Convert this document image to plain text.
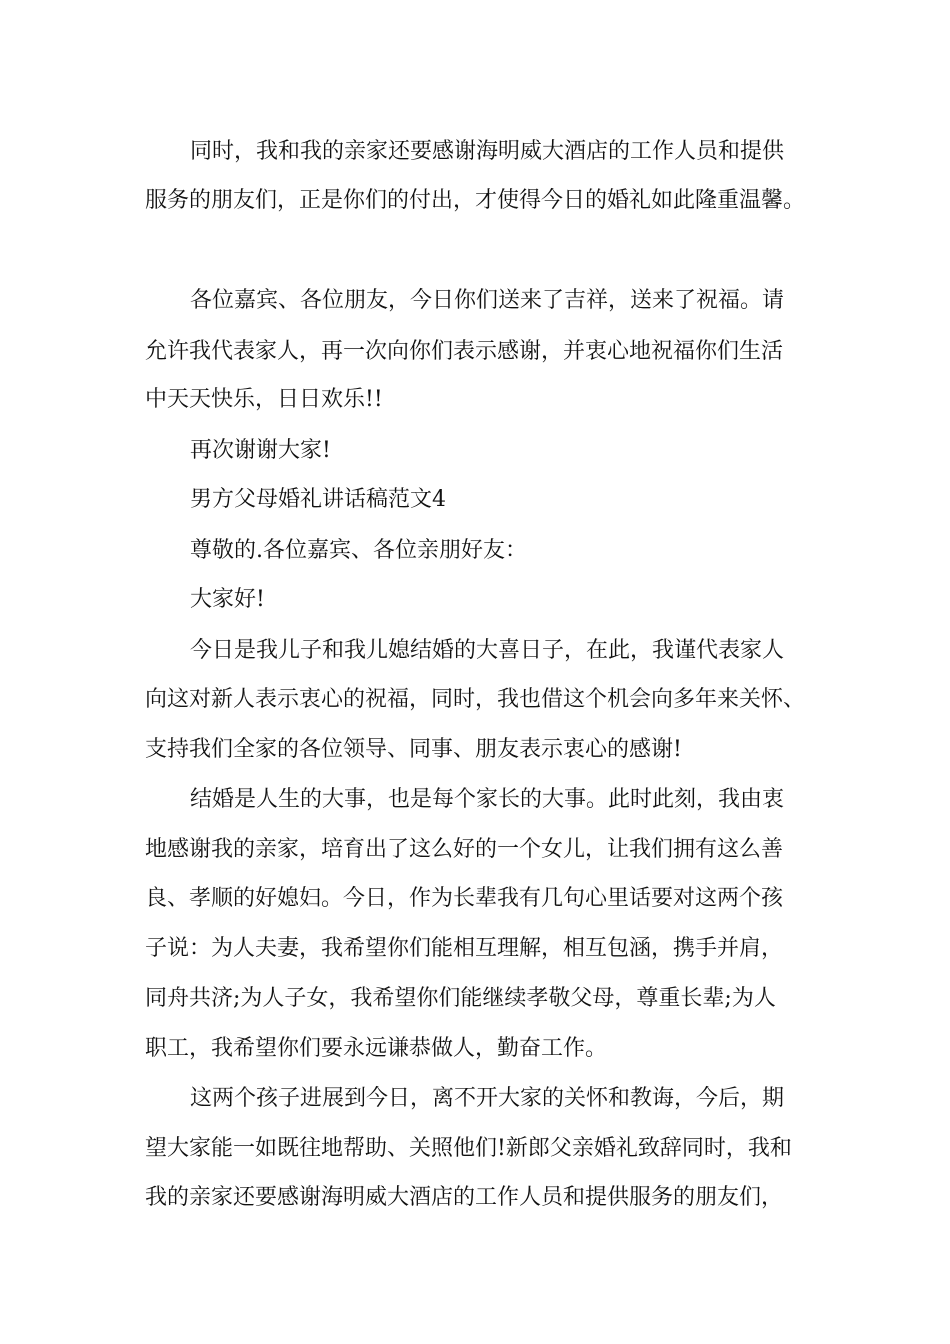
同时，我和我的亲家还要感谢海明威大酒店的工作人员和提供

服务的朋友们，正是你们的付出，才使得今日的婚礼如此隆重温馨。

各位嘉宾、各位朋友，今日你们送来了吉祥，送来了祝福。请

允许我代表家人，再一次向你们表示感谢，并衷心地祝福你们生活

中天天快乐，日日欢乐!!

再次谢谢大家!

男方父母婚礼讲话稿范文4

尊敬的.各位嘉宾、各位亲朋好友：

大家好!

今日是我儿子和我儿媳结婚的大喜日子，在此，我谨代表家人

向这对新人表示衷心的祝福，同时，我也借这个机会向多年来关怀、

支持我们全家的各位领导、同事、朋友表示衷心的感谢!

结婚是人生的大事，也是每个家长的大事。此时此刻，我由衷

地感谢我的亲家，培育出了这么好的一个女儿，让我们拥有这么善

良、孝顺的好媳妇。今日，作为长辈我有几句心里话要对这两个孩

子说：为人夫妻，我希望你们能相互理解，相互包涵，携手并肩，

同舟共济;为人子女，我希望你们能继续孝敬父母，尊重长辈;为人

职工，我希望你们要永远谦恭做人，勤奋工作。

这两个孩子进展到今日，离不开大家的关怀和教诲，今后，期

望大家能一如既往地帮助、关照他们!新郎父亲婚礼致辞同时，我和

我的亲家还要感谢海明威大酒店的工作人员和提供服务的朋友们，
